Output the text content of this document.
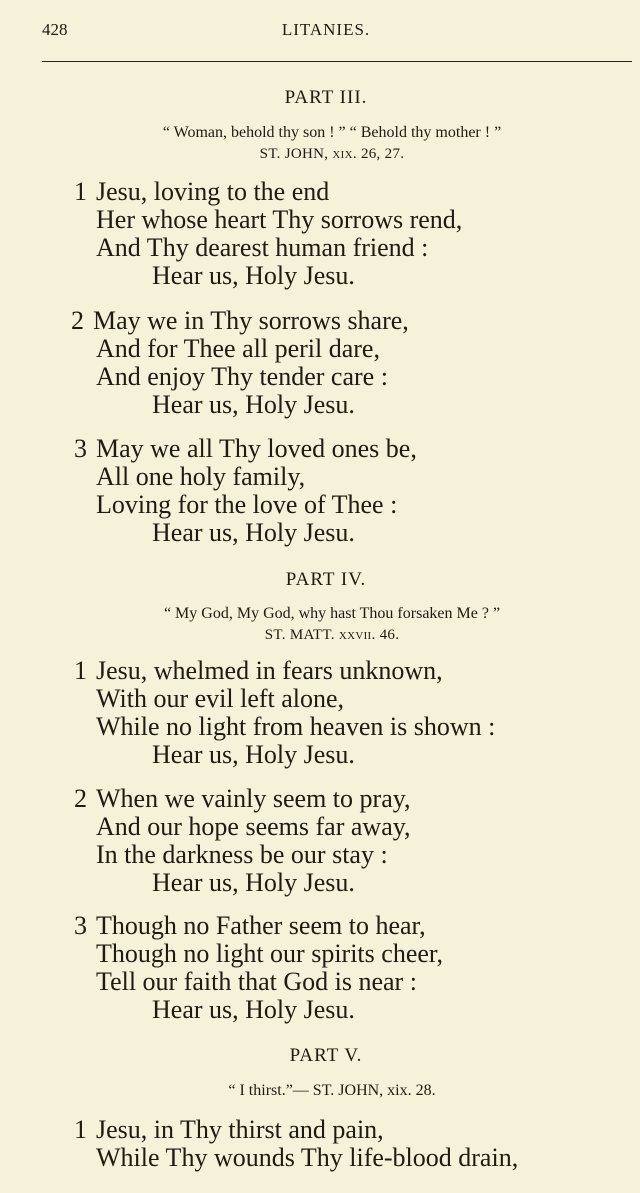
428	LITANIES.
PART III.
“ Woman, behold thy son ! ” “ Behold thy mother ! ”
ST. JOHN, xix. 26, 27.
1 Jesu, loving to the end
Her whose heart Thy sorrows rend,
And Thy dearest human friend :
Hear us, Holy Jesu.
2 May we in Thy sorrows share,
And for Thee all peril dare,
And enjoy Thy tender care :
Hear us, Holy Jesu.
3 May we all Thy loved ones be,
All one holy family,
Loving for the love of Thee :
Hear us, Holy Jesu.
PART IV.
“ My God, My God, why hast Thou forsaken Me ? ”
ST. MATT. xxvii. 46.
1 Jesu, whelmed in fears unknown,
With our evil left alone,
While no light from heaven is shown :
Hear us, Holy Jesu.
2 When we vainly seem to pray,
And our hope seems far away,
In the darkness be our stay :
Hear us, Holy Jesu.
3 Though no Father seem to hear,
Though no light our spirits cheer,
Tell our faith that God is near :
Hear us, Holy Jesu.
PART V.
“ I thirst.”— ST. JOHN, xix. 28.
1 Jesu, in Thy thirst and pain,
While Thy wounds Thy life-blood drain,
